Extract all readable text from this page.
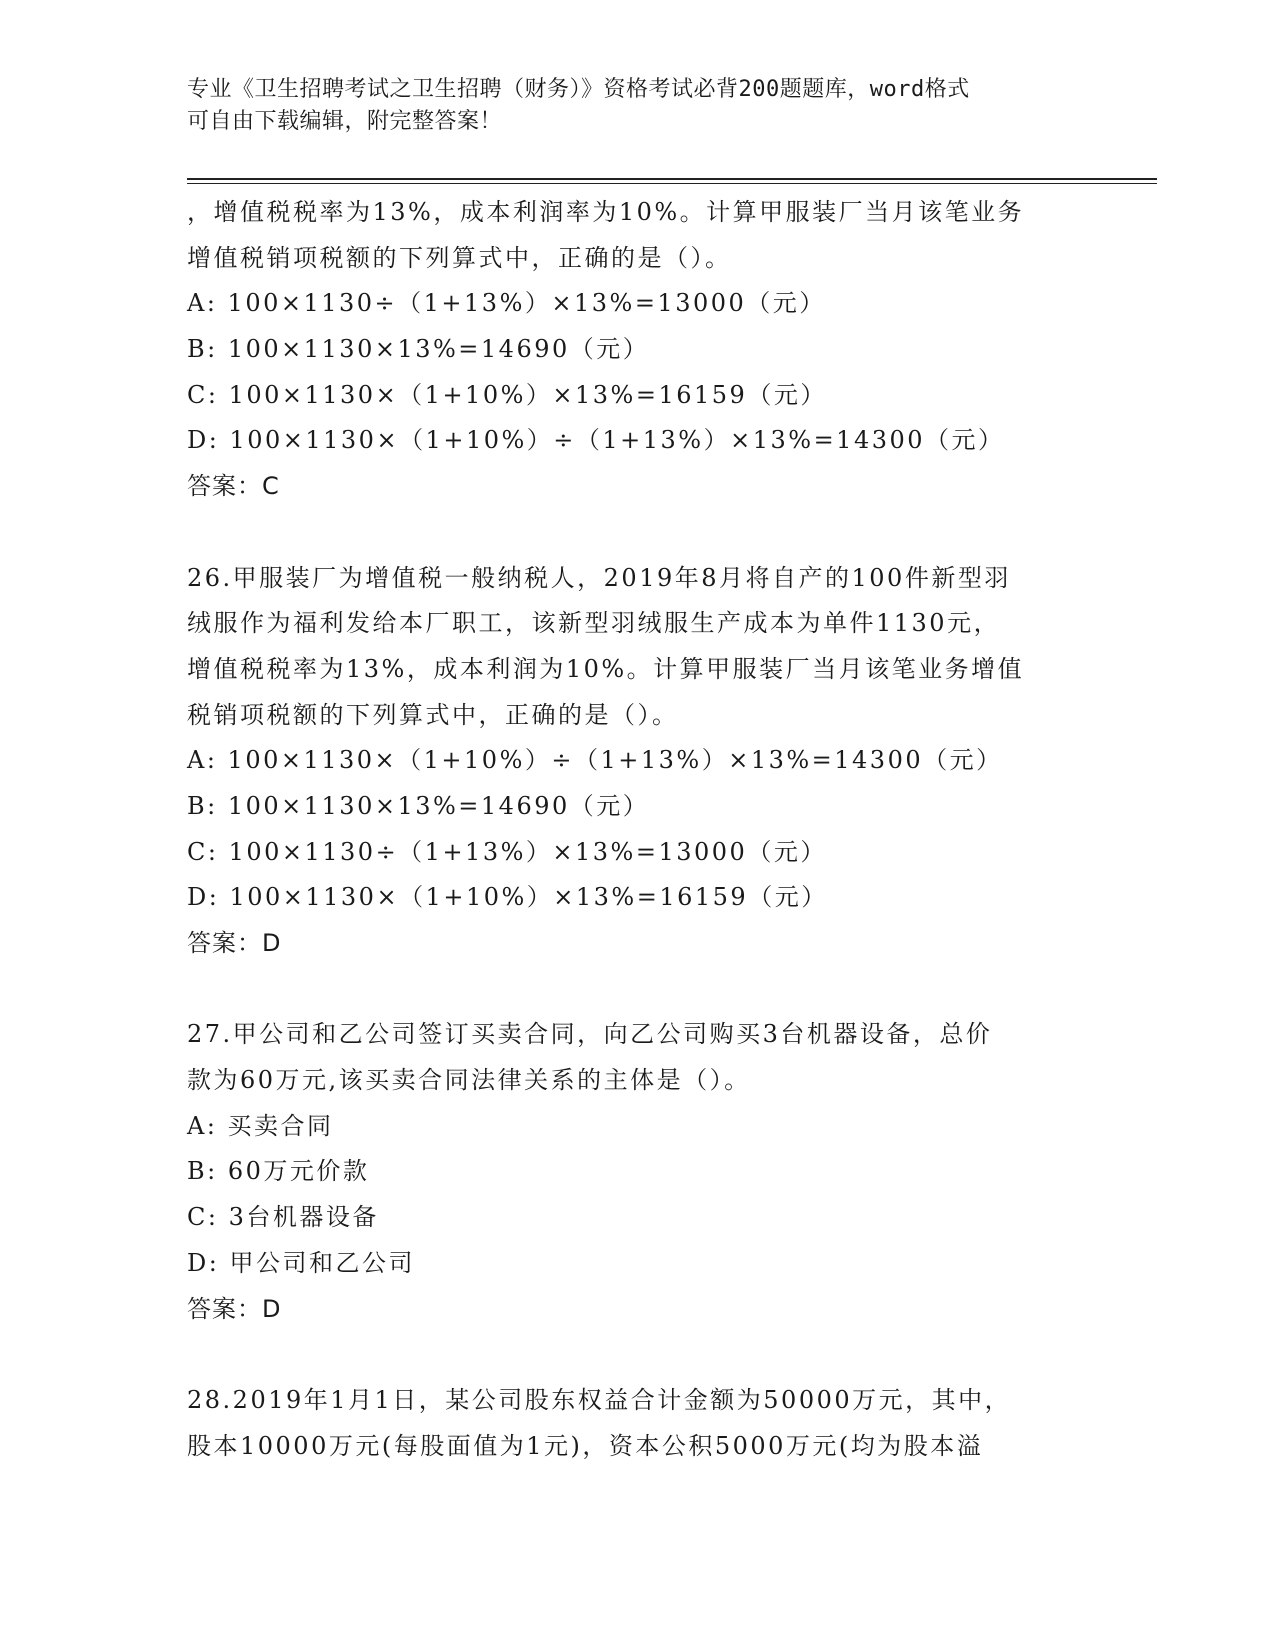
专业《卫生招聘考试之卫生招聘（财务）》资格考试必背200题题库，word格式
可自由下载编辑，附完整答案！
，增值税税率为13%，成本利润率为10%。计算甲服装厂当月该笔业务
增值税销项税额的下列算式中，正确的是（）。
A: 100×1130÷（1+13%）×13%=13000（元）
B: 100×1130×13%=14690（元）
C: 100×1130×（1+10%）×13%=16159（元）
D: 100×1130×（1+10%）÷（1+13%）×13%=14300（元）
答案：C
26.甲服装厂为增值税一般纳税人，2019年8月将自产的100件新型羽
绒服作为福利发给本厂职工，该新型羽绒服生产成本为单件1130元，
增值税税率为13%，成本利润为10%。计算甲服装厂当月该笔业务增值
税销项税额的下列算式中，正确的是（）。
A: 100×1130×（1+10%）÷（1+13%）×13%=14300（元）
B: 100×1130×13%=14690（元）
C: 100×1130÷（1+13%）×13%=13000（元）
D: 100×1130×（1+10%）×13%=16159（元）
答案：D
27.甲公司和乙公司签订买卖合同，向乙公司购买3台机器设备，总价
款为60万元,该买卖合同法律关系的主体是（）。
A: 买卖合同
B: 60万元价款
C: 3台机器设备
D: 甲公司和乙公司
答案：D
28.2019年1月1日，某公司股东权益合计金额为50000万元，其中，
股本10000万元(每股面值为1元)，资本公积5000万元(均为股本溢
